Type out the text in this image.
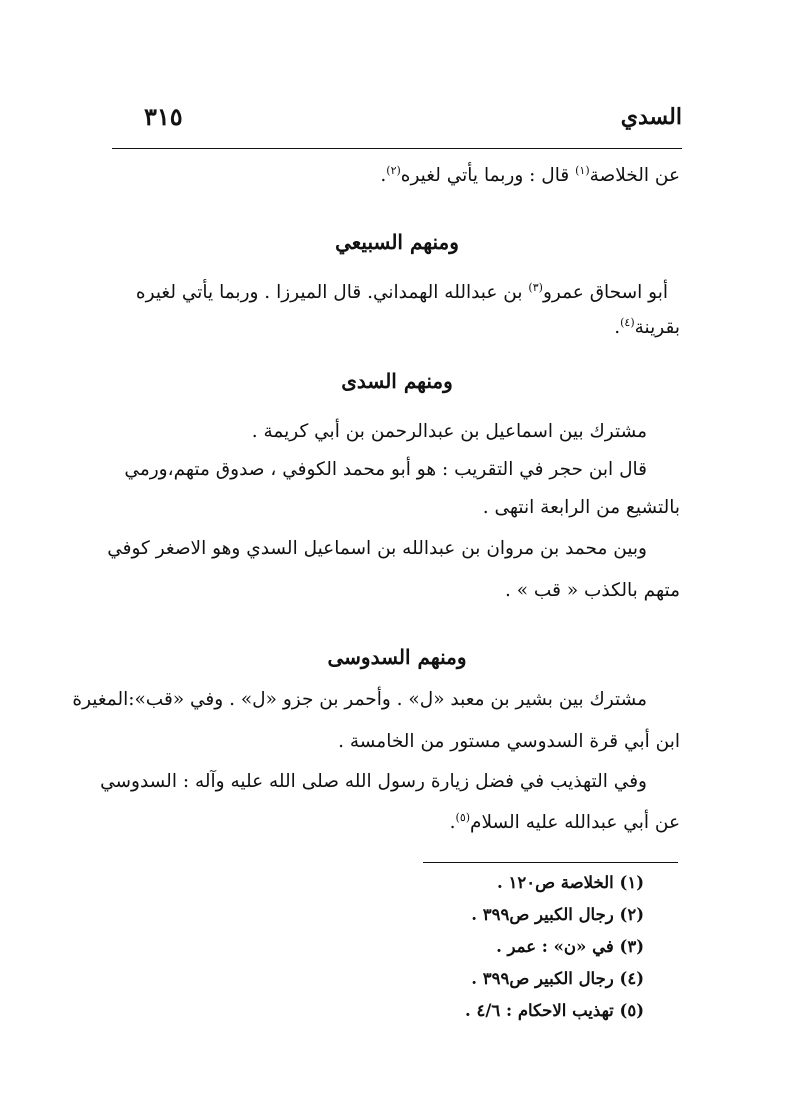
السدي
٣١٥
عن الخلاصة$^{(١)}$ قال : وربما يأتي لغيره$^{(٢)}$.
ومنهم السبيعي
أبو اسحاق عمرو$^{(٣)}$ بن عبدالله الهمداني. قال الميرزا . وربما يأتي لغيره
بقرينة$^{(٤)}$.
ومنهم السدى
مشترك بين اسماعيل بن عبدالرحمن بن أبي كريمة .
قال ابن حجر في التقريب : هو أبو محمد الكوفي ، صدوق متهم،ورمي
بالتشيع من الرابعة انتهى .
وبين محمد بن مروان بن عبدالله بن اسماعيل السدي وهو الاصغر كوفي
متهم بالكذب « قب » .
ومنهم السدوسى
مشترك بين بشير بن معبد «ل» . وأحمر بن جزو «ل» . وفي «قب»:المغيرة
ابن أبي قرة السدوسي مستور من الخامسة .
وفي التهذيب في فضل زيارة رسول الله صلى الله عليه وآله : السدوسي
عن أبي عبدالله عليه السلام$^{(٥)}$.
(١) الخلاصة ص١٢٠ .
(٢) رجال الكبير ص٣٩٩ .
(٣) في «ن» : عمر .
(٤) رجال الكبير ص٣٩٩ .
(٥) تهذيب الاحكام : ٤/٦ .
